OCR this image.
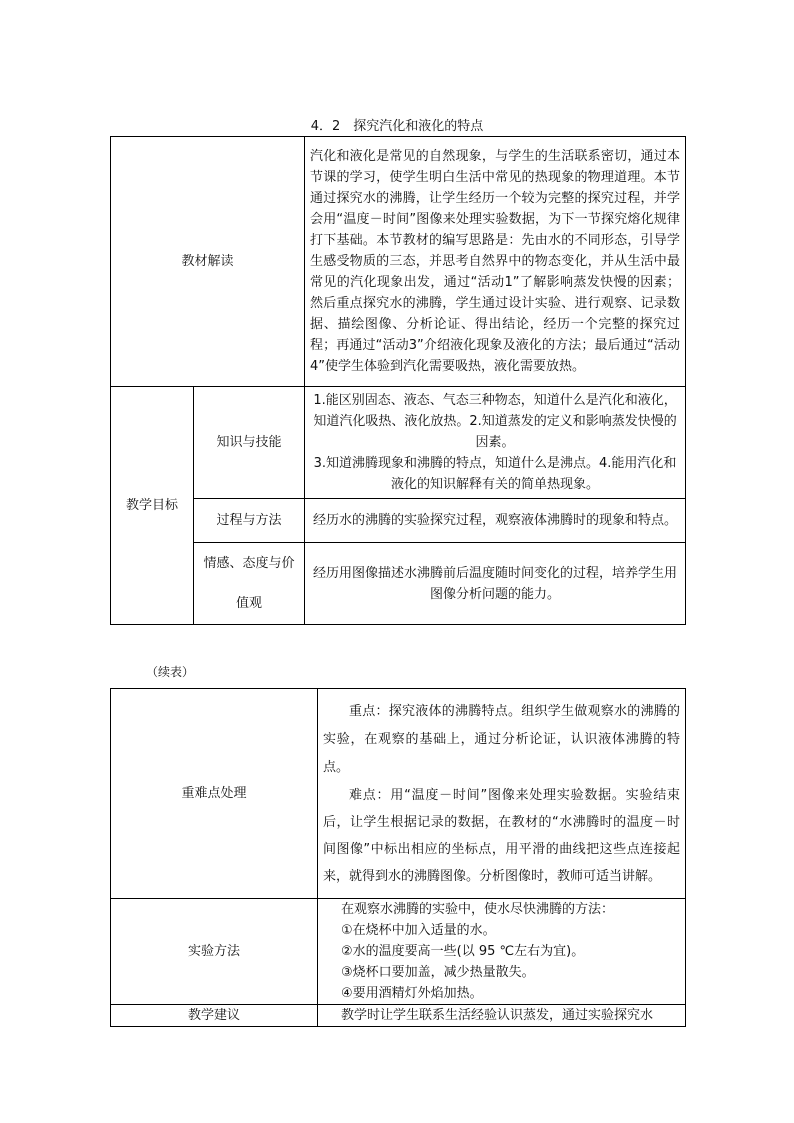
4．2　探究汽化和液化的特点
教材解读		汽化和液化是常见的自然现象，与学生的生活联系密切，通过本节课的学习，使学生明白生活中常见的热现象的物理道理。本节通过探究水的沸腾，让学生经历一个较为完整的探究过程，并学会用“温度－时间”图像来处理实验数据，为下一节探究熔化规律打下基础。本节教材的编写思路是：先由水的不同形态，引导学生感受物质的三态，并思考自然界中的物态变化，并从生活中最常见的汽化现象出发，通过“活动1”了解影响蒸发快慢的因素；然后重点探究水的沸腾，学生通过设计实验、进行观察、记录数据、描绘图像、分析论证、得出结论，经历一个完整的探究过程；再通过“活动3”介绍液化现象及液化的方法；最后通过“活动4”使学生体验到汽化需要吸热，液化需要放热。
教学目标	知识与技能	1.能区别固态、液态、气态三种物态，知道什么是汽化和液化，知道汽化吸热、液化放热。2.知道蒸发的定义和影响蒸发快慢的因素。

3.知道沸腾现象和沸腾的特点，知道什么是沸点。4.能用汽化和液化的知识解释有关的简单热现象。

	过程与方法	经历水的沸腾的实验探究过程，观察液体沸腾时的现象和特点。

	情感、态度与价
值观	经历用图像描述水沸腾前后温度随时间变化的过程，培养学生用图像分析问题的能力。
（续表）
重难点处理	重点：探究液体的沸腾特点。组织学生做观察水的沸腾的实验，在观察的基础上，通过分析论证，认识液体沸腾的特点。

难点：用“温度－时间”图像来处理实验数据。实验结束后，让学生根据记录的数据，在教材的“水沸腾时的温度－时间图像”中标出相应的坐标点，用平滑的曲线把这些点连接起来，就得到水的沸腾图像。分析图像时，教师可适当讲解。

实验方法	在观察水沸腾的实验中，使水尽快沸腾的方法：
①在烧杯中加入适量的水。
②水的温度要高一些(以 95 ℃左右为宜)。
③烧杯口要加盖，减少热量散失。
④要用酒精灯外焰加热。

教学建议	教学时让学生联系生活经验认识蒸发，通过实验探究水
